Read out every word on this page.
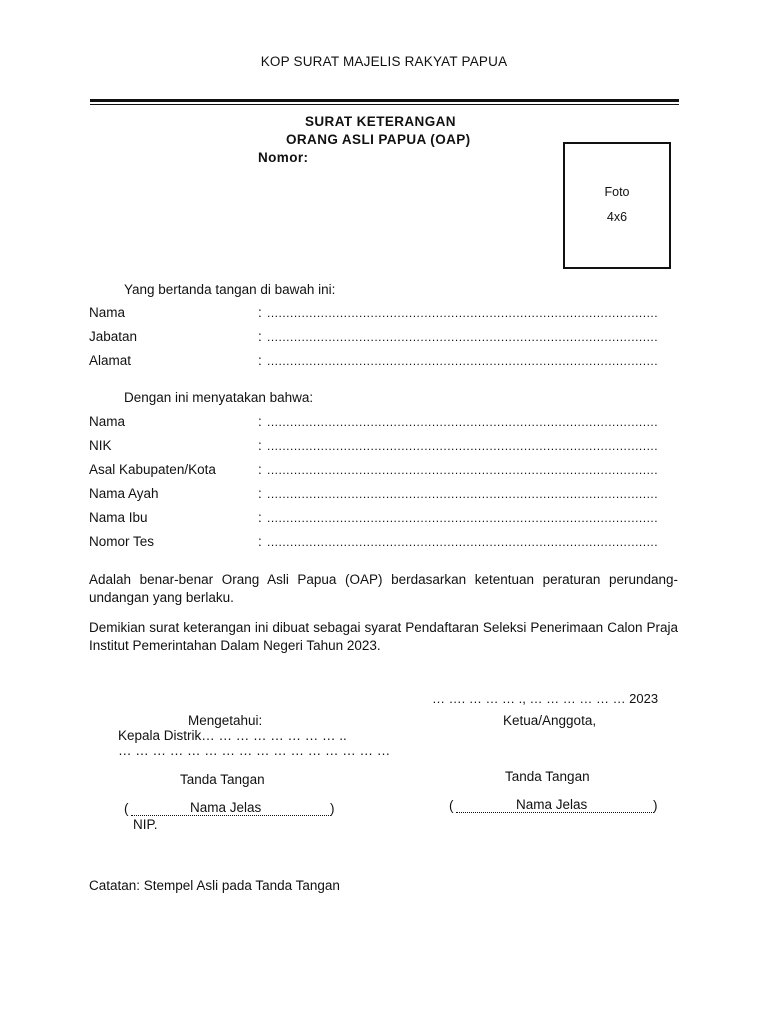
KOP SURAT MAJELIS RAKYAT PAPUA
SURAT KETERANGAN
ORANG ASLI PAPUA (OAP)
Nomor:
Foto
4x6
Yang bertanda tangan di bawah ini:
Nama	: ......................................................................................................
Jabatan	: ......................................................................................................
Alamat	: ......................................................................................................
Dengan ini menyatakan bahwa:
Nama	: ......................................................................................................
NIK	: ......................................................................................................
Asal Kabupaten/Kota	: ......................................................................................................
Nama Ayah	: ......................................................................................................
Nama Ibu	: ......................................................................................................
Nomor Tes	: ......................................................................................................
Adalah benar-benar Orang Asli Papua (OAP) berdasarkan ketentuan peraturan perundang-undangan yang berlaku.
Demikian surat keterangan ini dibuat sebagai syarat Pendaftaran Seleksi Penerimaan Calon Praja Institut Pemerintahan Dalam Negeri Tahun 2023.
… …. … … … ., … … … … … … 2023
Mengetahui:
Kepala Distrik… … … … … … … … ..
… … … … … … … … … … … … … … … …
Tanda Tangan
(	Nama Jelas	)
NIP.
Ketua/Anggota,
Tanda Tangan
(	Nama Jelas	)
Catatan: Stempel Asli pada Tanda Tangan
